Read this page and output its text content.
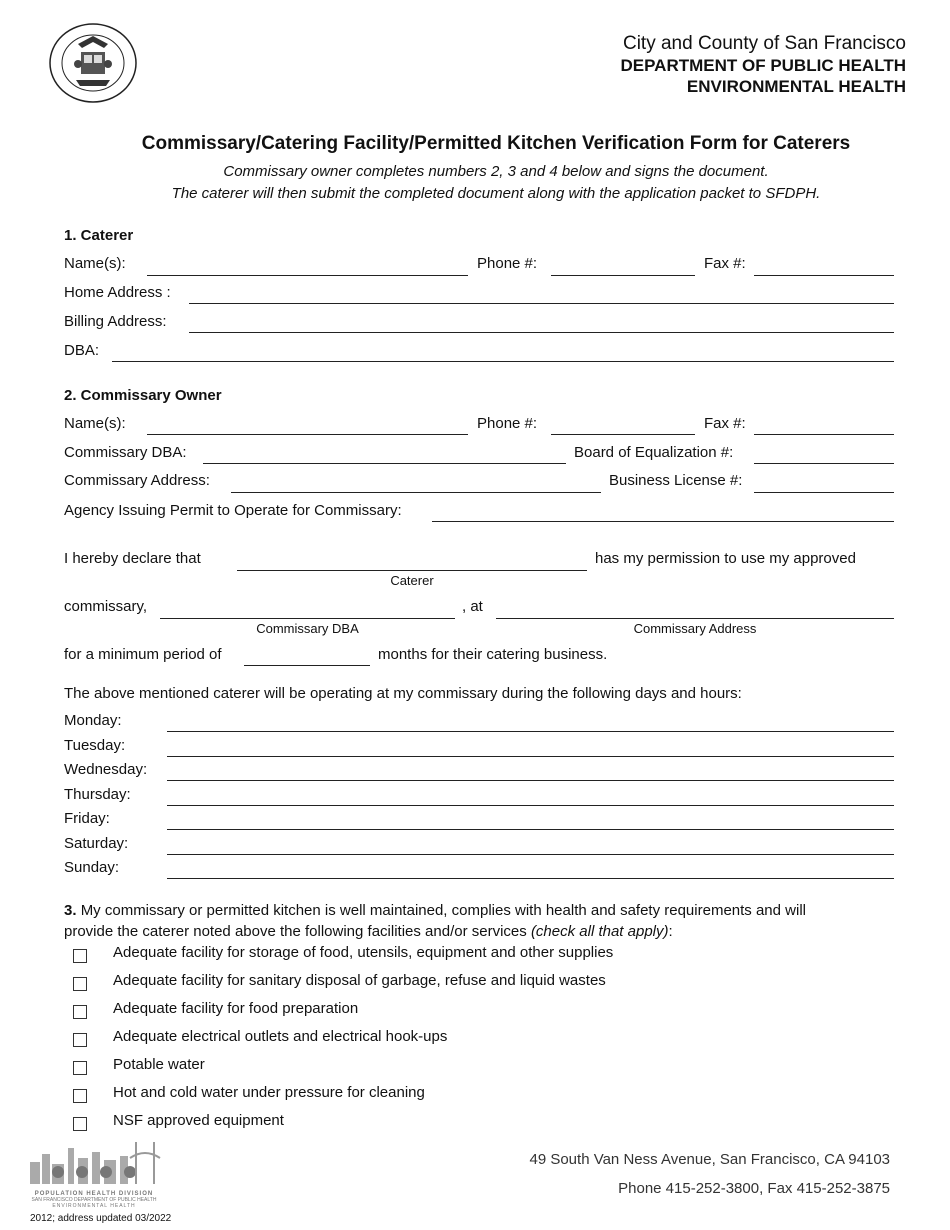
City and County of San Francisco
DEPARTMENT OF PUBLIC HEALTH
ENVIRONMENTAL HEALTH
Commissary/Catering Facility/Permitted Kitchen Verification Form for Caterers
Commissary owner completes numbers 2, 3 and 4 below and signs the document.
The caterer will then submit the completed document along with the application packet to SFDPH.
1. Caterer
Name(s):	Phone #:	Fax #:
Home Address :
Billing Address:
DBA:
2. Commissary Owner
Name(s):	Phone #:	Fax #:
Commissary DBA:	Board of Equalization #:
Commissary Address:	Business License #:
Agency Issuing Permit to Operate for Commissary:
I hereby declare that	has my permission to use my approved
Caterer
commissary,	, at
Commissary DBA	Commissary Address
for a minimum period of	months for their catering business.
The above mentioned caterer will be operating at my commissary during the following days and hours:
Monday:
Tuesday:
Wednesday:
Thursday:
Friday:
Saturday:
Sunday:
3. My commissary or permitted kitchen is well maintained, complies with health and safety requirements and will
provide the caterer noted above the following facilities and/or services (check all that apply):
Adequate facility for storage of food, utensils, equipment and other supplies
Adequate facility for sanitary disposal of garbage, refuse and liquid wastes
Adequate facility for food preparation
Adequate electrical outlets and electrical hook-ups
Potable water
Hot and cold water under pressure for cleaning
NSF approved equipment
POPULATION HEALTH DIVISION
SAN FRANCISCO DEPARTMENT OF PUBLIC HEALTH
ENVIRONMENTAL HEALTH
2012; address updated 03/2022
49 South Van Ness Avenue, San Francisco, CA 94103
Phone 415-252-3800, Fax 415-252-3875
